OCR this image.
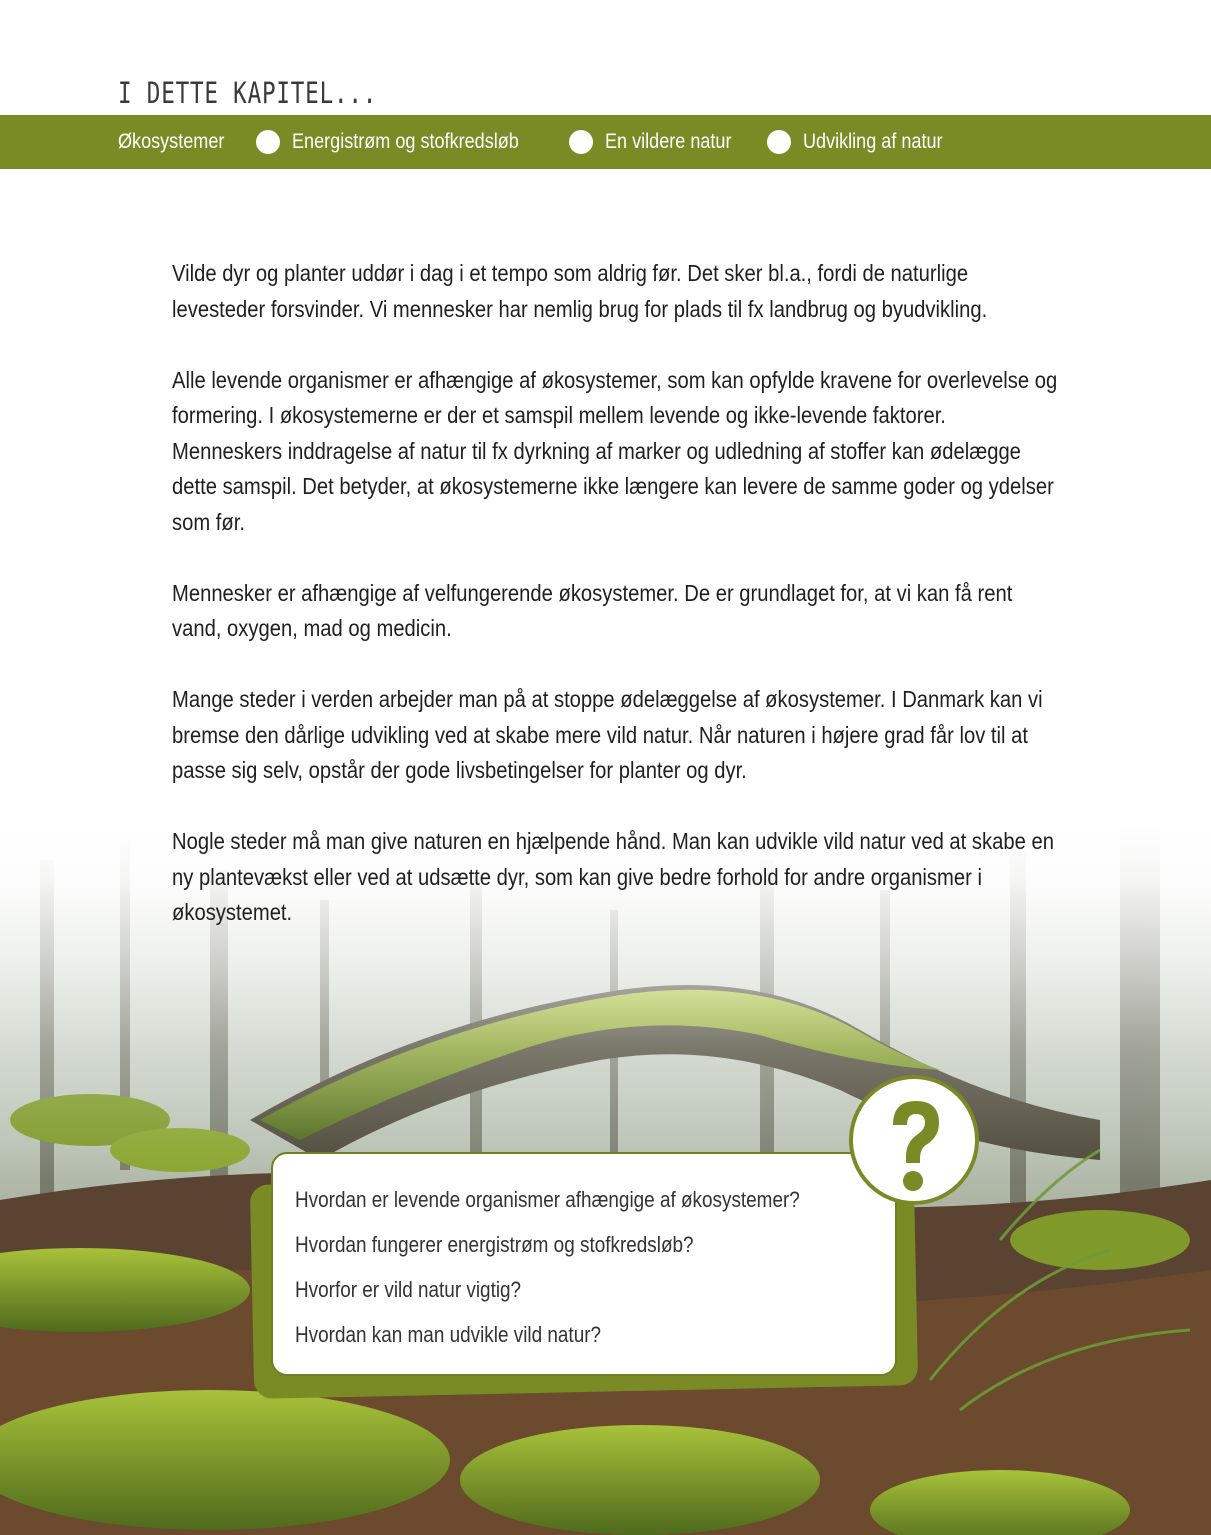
I DETTE KAPITEL...
Økosystemer	Energistrøm og stofkredsløb	En vildere natur	Udvikling af natur

Vilde dyr og planter uddør i dag i et tempo som aldrig før. Det sker bl.a., fordi de naturlige levesteder forsvinder. Vi mennesker har nemlig brug for plads til fx landbrug og byudvikling.

Alle levende organismer er afhængige af økosystemer, som kan opfylde kravene for overlevelse og formering. I økosystemerne er der et samspil mellem levende og ikke-levende faktorer. Menneskers inddragelse af natur til fx dyrkning af marker og udledning af stoffer kan ødelægge dette samspil. Det betyder, at økosystemerne ikke længere kan levere de samme goder og ydelser som før.

Mennesker er afhængige af velfungerende økosystemer. De er grundlaget for, at vi kan få rent vand, oxygen, mad og medicin.

Mange steder i verden arbejder man på at stoppe ødelæggelse af økosystemer. I Danmark kan vi bremse den dårlige udvikling ved at skabe mere vild natur. Når naturen i højere grad får lov til at passe sig selv, opstår der gode livsbetingelser for planter og dyr.

Nogle steder må man give naturen en hjælpende hånd. Man kan udvikle vild natur ved at skabe en ny plantevækst eller ved at udsætte dyr, som kan give bedre forhold for andre organismer i økosystemet.

Hvordan er levende organismer afhængige af økosystemer?
Hvordan fungerer energistrøm og stofkredsløb?
Hvorfor er vild natur vigtig?
Hvordan kan man udvikle vild natur?
